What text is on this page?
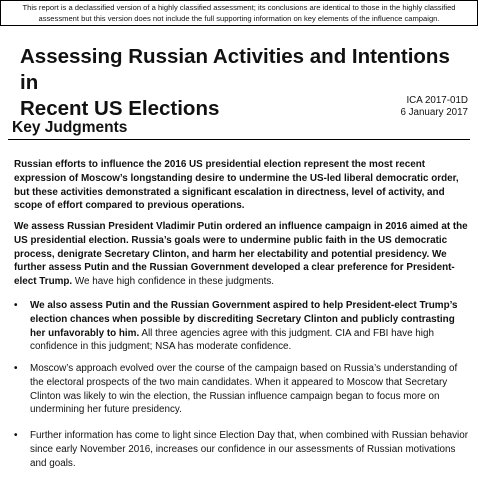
This report is a declassified version of a highly classified assessment; its conclusions are identical to those in the highly classified
assessment but this version does not include the full supporting information on key elements of the influence campaign.
Assessing Russian Activities and Intentions in
Recent US Elections	ICA 2017-01D
6 January 2017
Key Judgments
Russian efforts to influence the 2016 US presidential election represent the most recent expression of Moscow’s longstanding desire to undermine the US-led liberal democratic order, but these activities demonstrated a significant escalation in directness, level of activity, and scope of effort compared to previous operations.
We assess Russian President Vladimir Putin ordered an influence campaign in 2016 aimed at the US presidential election. Russia’s goals were to undermine public faith in the US democratic process, denigrate Secretary Clinton, and harm her electability and potential presidency. We further assess Putin and the Russian Government developed a clear preference for President-elect Trump. We have high confidence in these judgments.
•	We also assess Putin and the Russian Government aspired to help President-elect Trump’s election chances when possible by discrediting Secretary Clinton and publicly contrasting her unfavorably to him. All three agencies agree with this judgment. CIA and FBI have high confidence in this judgment; NSA has moderate confidence.
•	Moscow’s approach evolved over the course of the campaign based on Russia’s understanding of the electoral prospects of the two main candidates. When it appeared to Moscow that Secretary Clinton was likely to win the election, the Russian influence campaign began to focus more on undermining her future presidency.
•	Further information has come to light since Election Day that, when combined with Russian behavior since early November 2016, increases our confidence in our assessments of Russian motivations and goals.
